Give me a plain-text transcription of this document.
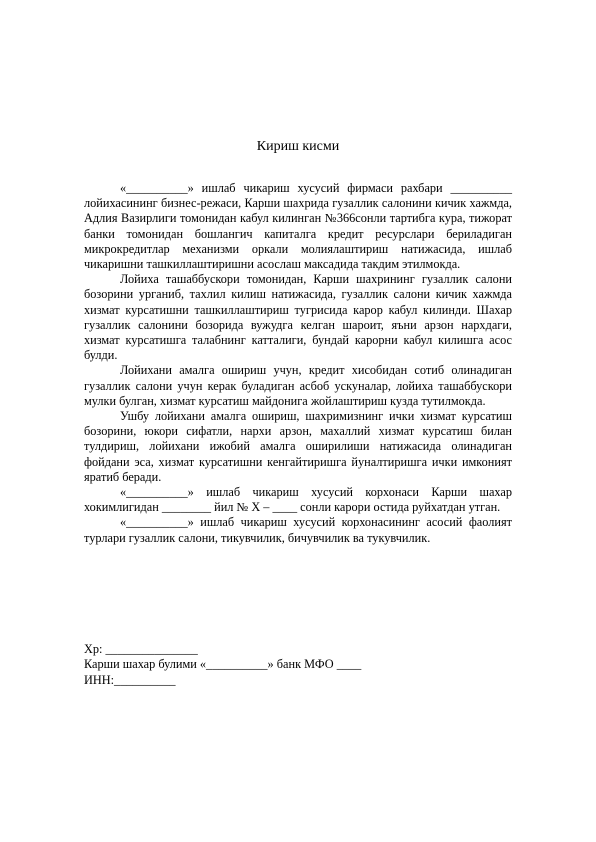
Кириш кисми

«__________» ишлаб чикариш хусусий фирмаси рахбари __________ лойихасининг бизнес-режаси, Карши шахрида гузаллик салонини кичик хажмда, Адлия Вазирлиги томонидан кабул килинган №366сонли тартибга кура, тижорат банки томонидан бошлангич капиталга кредит ресурслари бериладиган микрокредитлар механизми оркали молиялаштириш натижасида, ишлаб чикаришни ташкиллаштиришни асослаш максадида такдим этилмокда.

Лойиха ташаббускори томонидан, Карши шахрининг гузаллик салони бозорини урганиб, тахлил килиш натижасида, гузаллик салони кичик хажмда хизмат курсатишни ташкиллаштириш тугрисида карор кабул килинди. Шахар гузаллик салонини бозорида вужудга келган шароит, яъни арзон нархдаги, хизмат курсатишга талабнинг катталиги, бундай карорни кабул килишга асос булди.

Лойихани амалга ошириш учун, кредит хисобидан сотиб олинадиган гузаллик салони учун керак буладиган асбоб ускуналар, лойиха ташаббускори мулки булган, хизмат курсатиш майдонига жойлаштириш кузда тутилмокда.

Ушбу лойихани амалга ошириш, шахримизнинг ички хизмат курсатиш бозорини, юкори сифатли, нархи арзон, махаллий хизмат курсатиш билан тулдириш, лойихани ижобий амалга оширилиши натижасида олинадиган фойдани эса, хизмат курсатишни кенгайтиришга йуналтиришга ички имконият яратиб беради.

«__________» ишлаб чикариш хусусий корхонаси Карши шахар хокимлигидан ________ йил № Х – ____ сонли карори остида руйхатдан утган.

«__________» ишлаб чикариш хусусий корхонасининг асосий фаолият турлари гузаллик салони, тикувчилик, бичувчилик ва тукувчилик.

Хр: _______________
Карши шахар булими «__________» банк МФО ____
ИНН:__________
